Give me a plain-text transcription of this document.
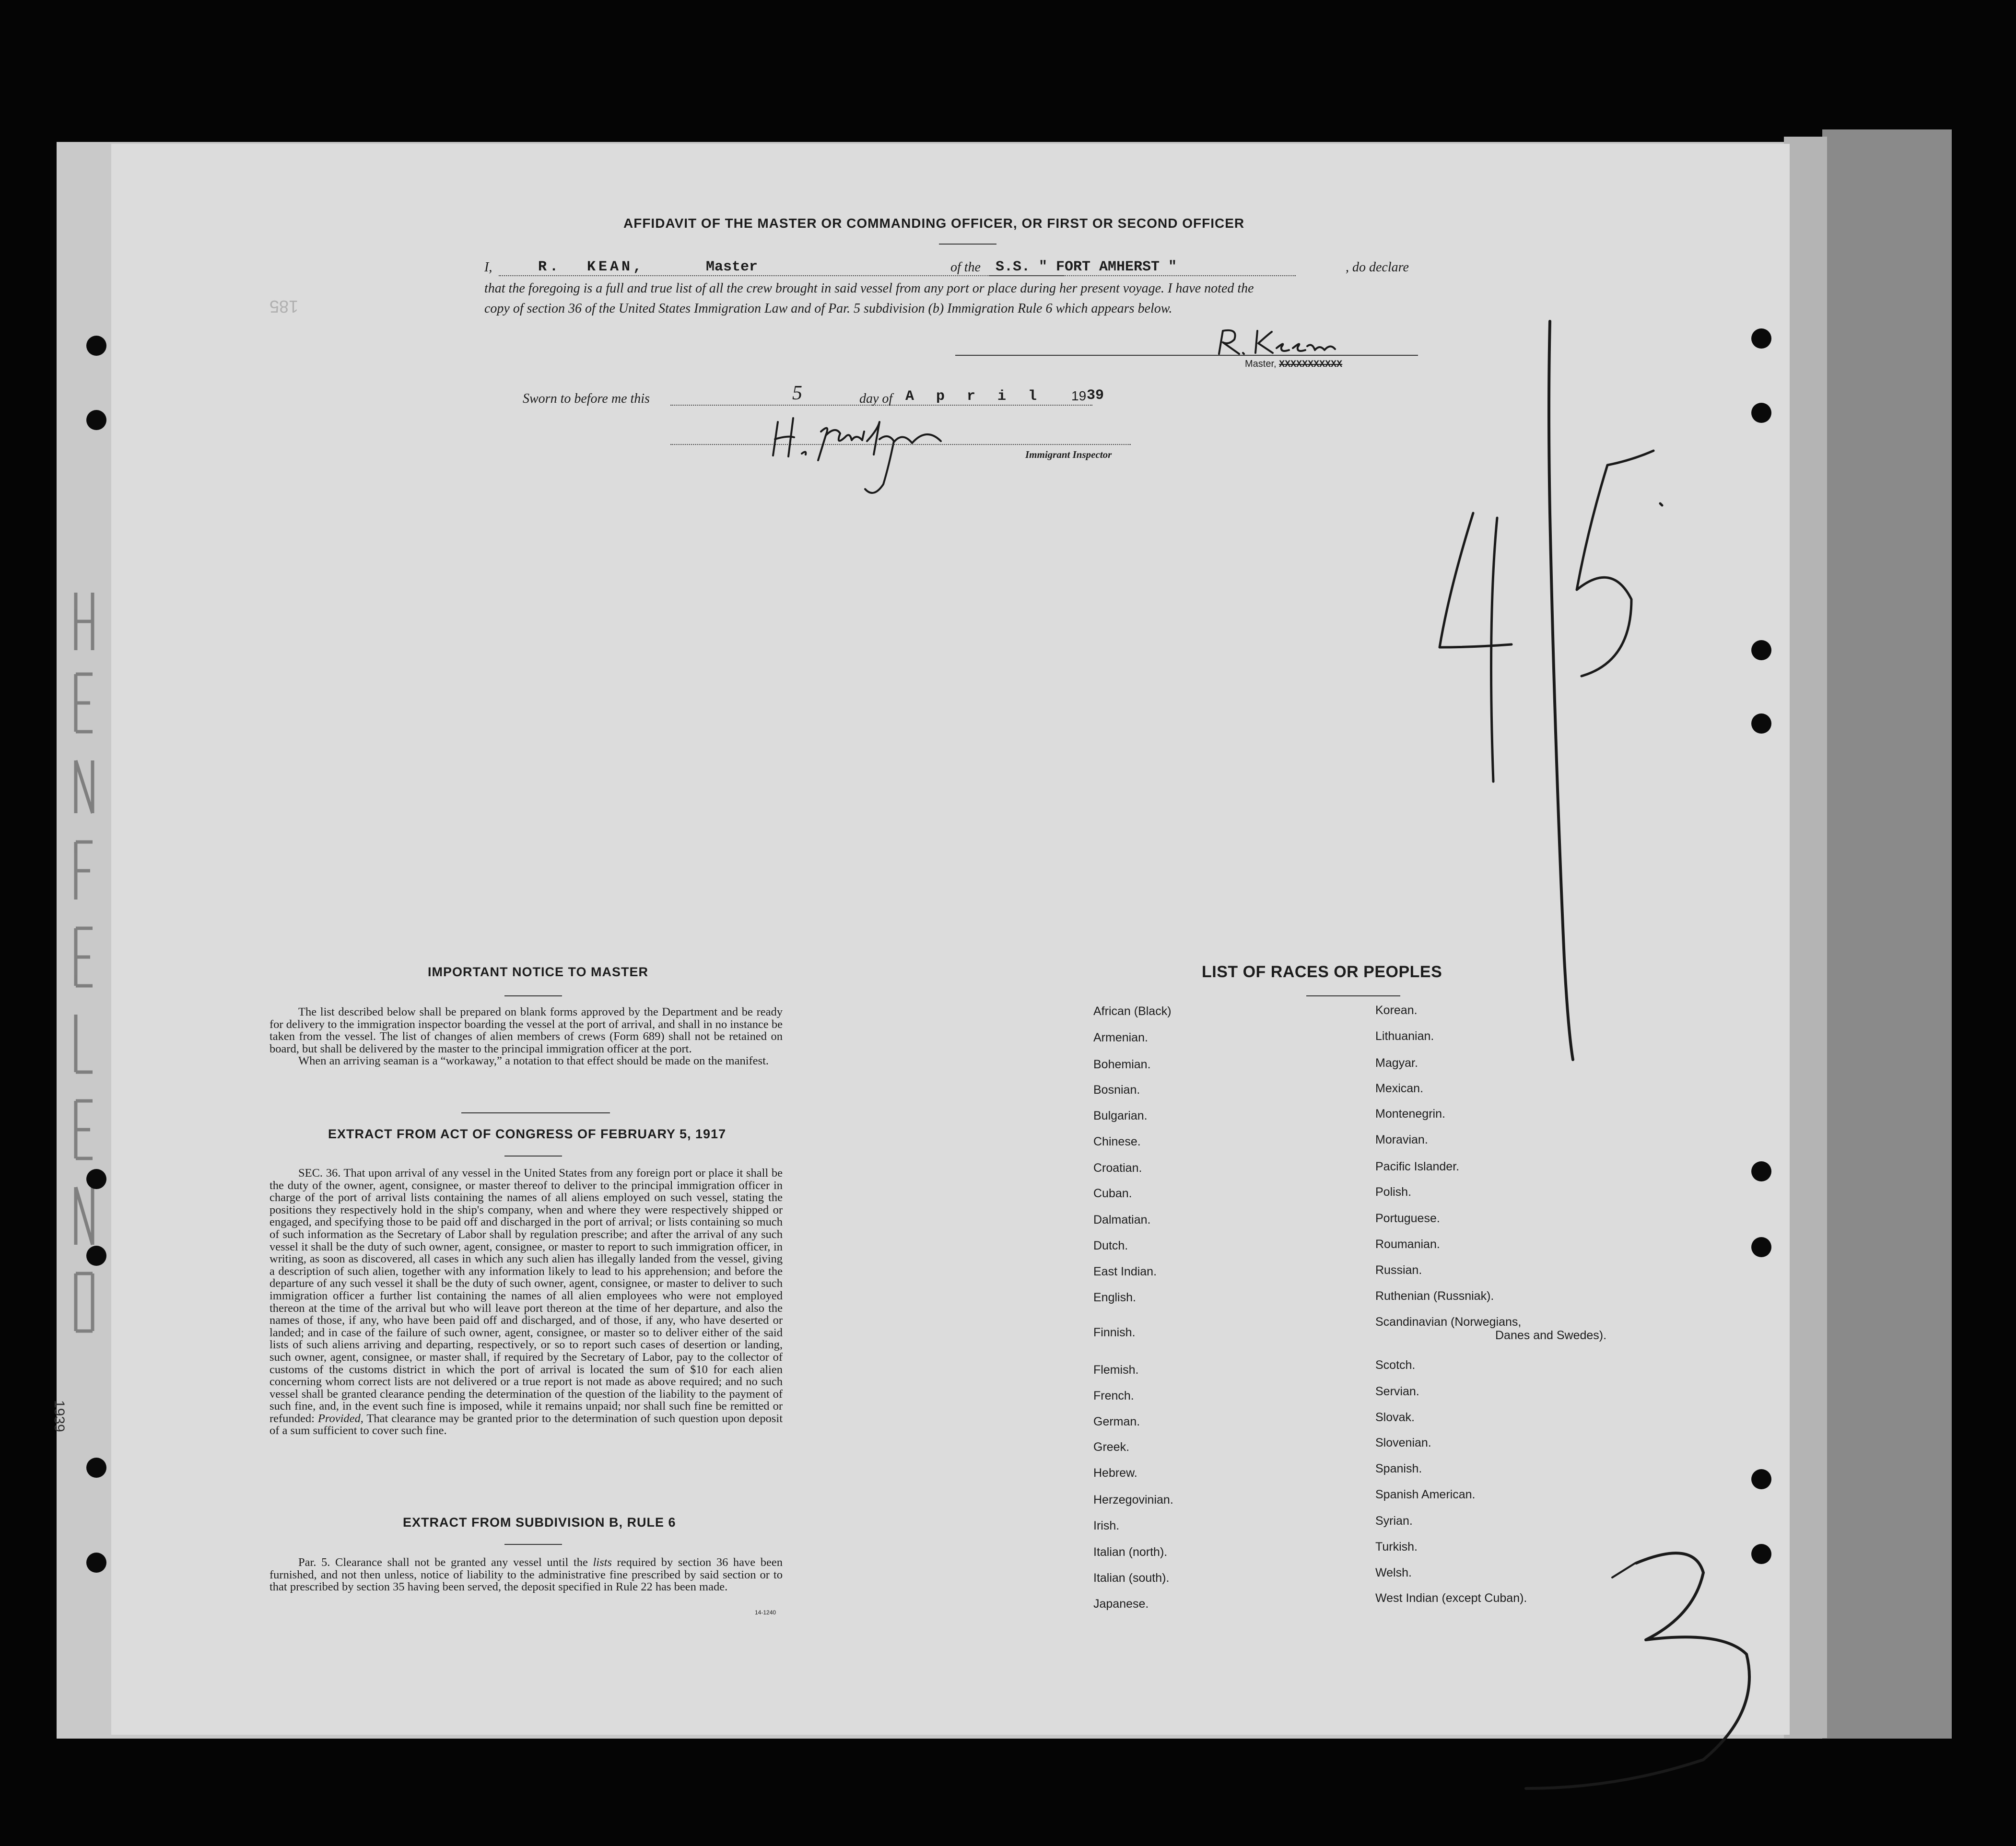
1939
AFFIDAVIT OF THE MASTER OR COMMANDING OFFICER, OR FIRST OR SECOND OFFICER
185
I,	R. KEAN,	Master	of the S.S. " FORT AMHERST "	, do declare
that the foregoing is a full and true list of all the crew brought in said vessel from any port or place during her present voyage. I have noted the
copy of section 36 of the United States Immigration Law and of Par. 5 subdivision (b) Immigration Rule 6 which appears below.
Master, XXXXXXXXXXX
Sworn to before me this	5	day of A p r i l 19 39
Immigrant Inspector
IMPORTANT NOTICE TO MASTER
The list described below shall be prepared on blank forms approved by the Department and be ready for delivery to the immigration inspector boarding the vessel at the port of arrival, and shall in no instance be taken from the vessel. The list of changes of alien members of crews (Form 689) shall not be retained on board, but shall be delivered by the master to the principal immigration officer at the port.
When an arriving seaman is a “workaway,” a notation to that effect should be made on the manifest.
EXTRACT FROM ACT OF CONGRESS OF FEBRUARY 5, 1917
SEC. 36. That upon arrival of any vessel in the United States from any foreign port or place it shall be the duty of the owner, agent, consignee, or master thereof to deliver to the principal immigration officer in charge of the port of arrival lists containing the names of all aliens employed on such vessel, stating the positions they respectively hold in the ship's company, when and where they were respectively shipped or engaged, and specifying those to be paid off and discharged in the port of arrival; or lists containing so much of such information as the Secretary of Labor shall by regulation prescribe; and after the arrival of any such vessel it shall be the duty of such owner, agent, consignee, or master to report to such immigration officer, in writing, as soon as discovered, all cases in which any such alien has illegally landed from the vessel, giving a description of such alien, together with any information likely to lead to his apprehension; and before the departure of any such vessel it shall be the duty of such owner, agent, consignee, or master to deliver to such immigration officer a further list containing the names of all alien employees who were not employed thereon at the time of the arrival but who will leave port thereon at the time of her departure, and also the names of those, if any, who have been paid off and discharged, and of those, if any, who have deserted or landed; and in case of the failure of such owner, agent, consignee, or master so to deliver either of the said lists of such aliens arriving and departing, respectively, or so to report such cases of desertion or landing, such owner, agent, consignee, or master shall, if required by the Secretary of Labor, pay to the collector of customs of the customs district in which the port of arrival is located the sum of $10 for each alien concerning whom correct lists are not delivered or a true report is not made as above required; and no such vessel shall be granted clearance pending the determination of the question of the liability to the payment of such fine, and, in the event such fine is imposed, while it remains unpaid; nor shall such fine be remitted or refunded: Provided, That clearance may be granted prior to the determination of such question upon deposit of a sum sufficient to cover such fine.
EXTRACT FROM SUBDIVISION B, RULE 6
Par. 5. Clearance shall not be granted any vessel until the lists required by section 36 have been furnished, and not then unless, notice of liability to the administrative fine prescribed by said section or to that prescribed by section 35 having been served, the deposit specified in Rule 22 has been made.
14-1240
LIST OF RACES OR PEOPLES
African (Black)
Armenian.
Bohemian.
Bosnian.
Bulgarian.
Chinese.
Croatian.
Cuban.
Dalmatian.
Dutch.
East Indian.
English.
Finnish.
Flemish.
French.
German.
Greek.
Hebrew.
Herzegovinian.
Irish.
Italian (north).
Italian (south).
Japanese.
Korean.
Lithuanian.
Magyar.
Mexican.
Montenegrin.
Moravian.
Pacific Islander.
Polish.
Portuguese.
Roumanian.
Russian.
Ruthenian (Russniak).
Scandinavian (Norwegians,
Danes and Swedes).
Scotch.
Servian.
Slovak.
Slovenian.
Spanish.
Spanish American.
Syrian.
Turkish.
Welsh.
West Indian (except Cuban).
